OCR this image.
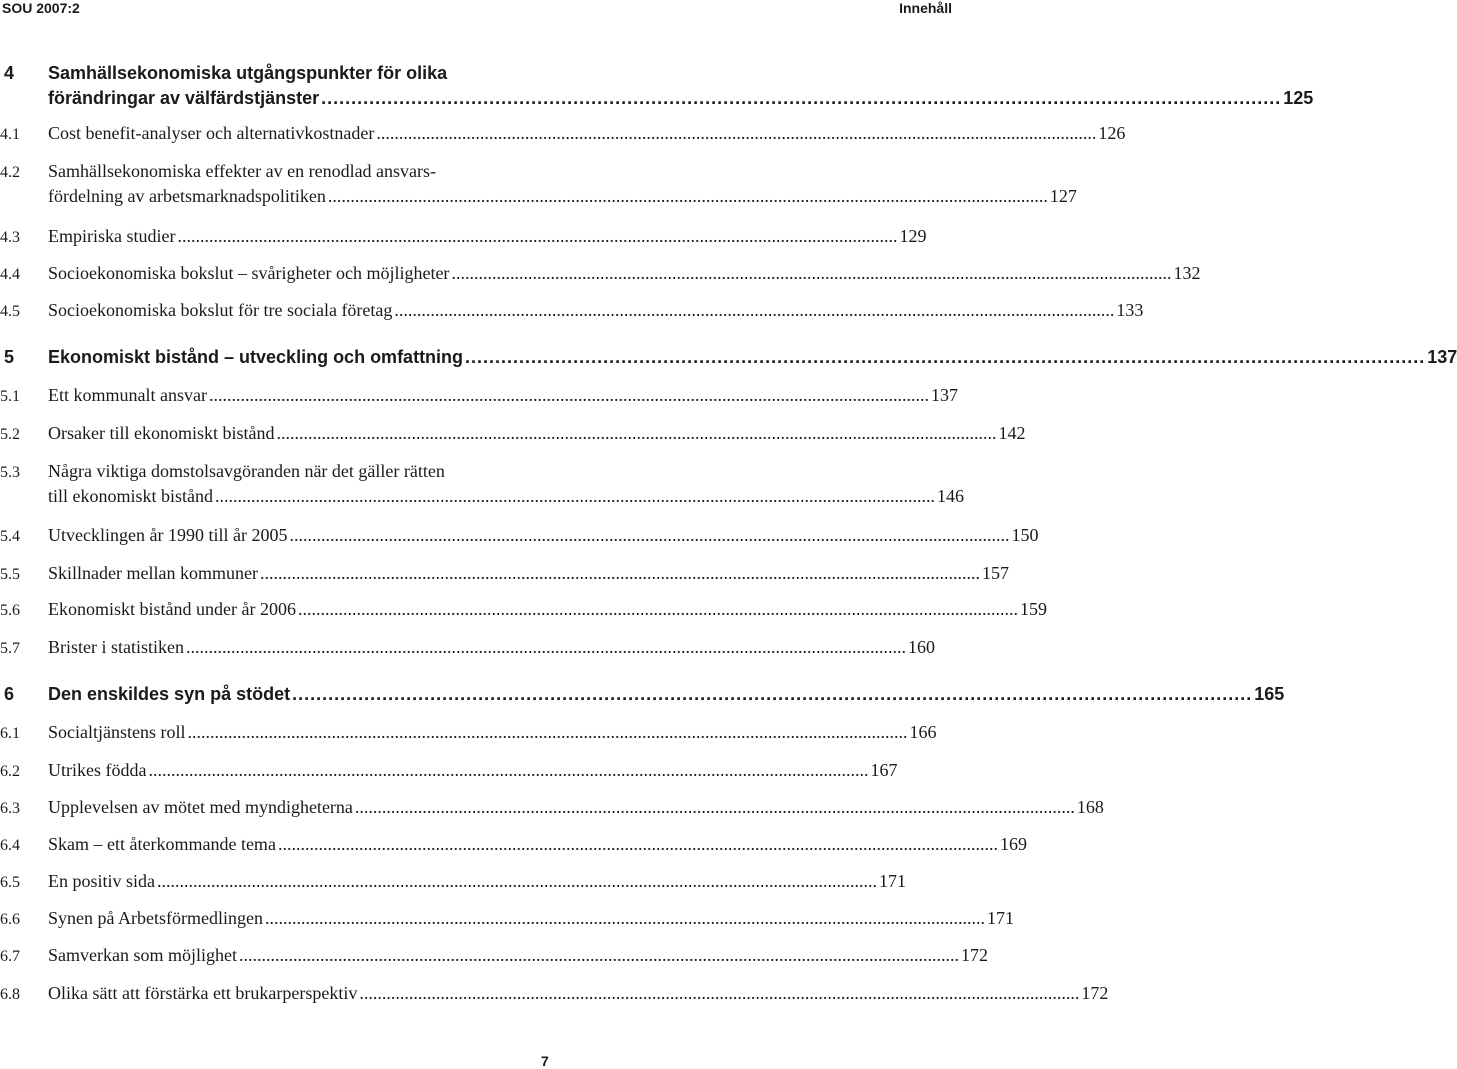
SOU 2007:2	Innehåll
4	Samhällsekonomiska utgångspunkter för olika
förändringar av välfärdstjänster .....	125
4.1	Cost benefit-analyser och alternativkostnader .....	126
4.2	Samhällsekonomiska effekter av en renodlad ansvars-
fördelning av arbetsmarknadspolitiken .....	127
4.3	Empiriska studier .....	129
4.4	Socioekonomiska bokslut – svårigheter och möjligheter .....	132
4.5	Socioekonomiska bokslut för tre sociala företag .....	133
5	Ekonomiskt bistånd – utveckling och omfattning .....	137
5.1	Ett kommunalt ansvar .....	137
5.2	Orsaker till ekonomiskt bistånd .....	142
5.3	Några viktiga domstolsavgöranden när det gäller rätten
till ekonomiskt bistånd .....	146
5.4	Utvecklingen år 1990 till år 2005 .....	150
5.5	Skillnader mellan kommuner .....	157
5.6	Ekonomiskt bistånd under år 2006 .....	159
5.7	Brister i statistiken .....	160
6	Den enskildes syn på stödet .....	165
6.1	Socialtjänstens roll .....	166
6.2	Utrikes födda .....	167
6.3	Upplevelsen av mötet med myndigheterna .....	168
6.4	Skam – ett återkommande tema .....	169
6.5	En positiv sida .....	171
6.6	Synen på Arbetsförmedlingen .....	171
6.7	Samverkan som möjlighet .....	172
6.8	Olika sätt att förstärka ett brukarperspektiv .....	172
7
